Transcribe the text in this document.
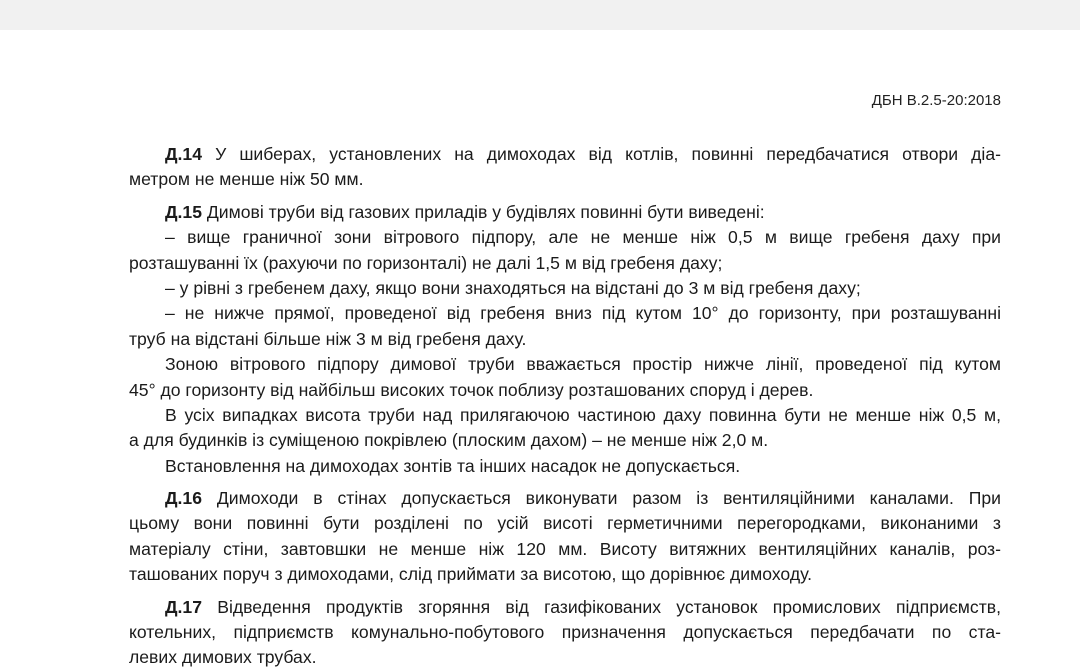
ДБН В.2.5-20:2018
Д.14 У шиберах, установлених на димоходах від котлів, повинні передбачатися отвори діа-
метром не менше ніж 50 мм.
Д.15 Димові труби від газових приладів у будівлях повинні бути виведені:
– вище граничної зони вітрового підпору, але не менше ніж 0,5 м вище гребеня даху при
розташуванні їх (рахуючи по горизонталі) не далі 1,5 м від гребеня даху;
– у рівні з гребенем даху, якщо вони знаходяться на відстані до 3 м від гребеня даху;
– не нижче прямої, проведеної від гребеня вниз під кутом 10° до горизонту, при розташуванні
труб на відстані більше ніж 3 м від гребеня даху.
Зоною вітрового підпору димової труби вважається простір нижче лінії, проведеної під кутом
45° до горизонту від найбільш високих точок поблизу розташованих споруд і дерев.
В усіх випадках висота труби над прилягаючою частиною даху повинна бути не менше ніж 0,5 м,
а для будинків із суміщеною покрівлею (плоским дахом) – не менше ніж 2,0 м.
Встановлення на димоходах зонтів та інших насадок не допускається.
Д.16 Димоходи в стінах допускається виконувати разом із вентиляційними каналами. При
цьому вони повинні бути розділені по усій висоті герметичними перегородками, виконаними з
матеріалу стіни, завтовшки не менше ніж 120 мм. Висоту витяжних вентиляційних каналів, роз-
ташованих поруч з димоходами, слід приймати за висотою, що дорівнює димоходу.
Д.17 Відведення продуктів згоряння від газифікованих установок промислових підприємств,
котельних, підприємств комунально-побутового призначення допускається передбачати по ста-
левих димових трубах.
